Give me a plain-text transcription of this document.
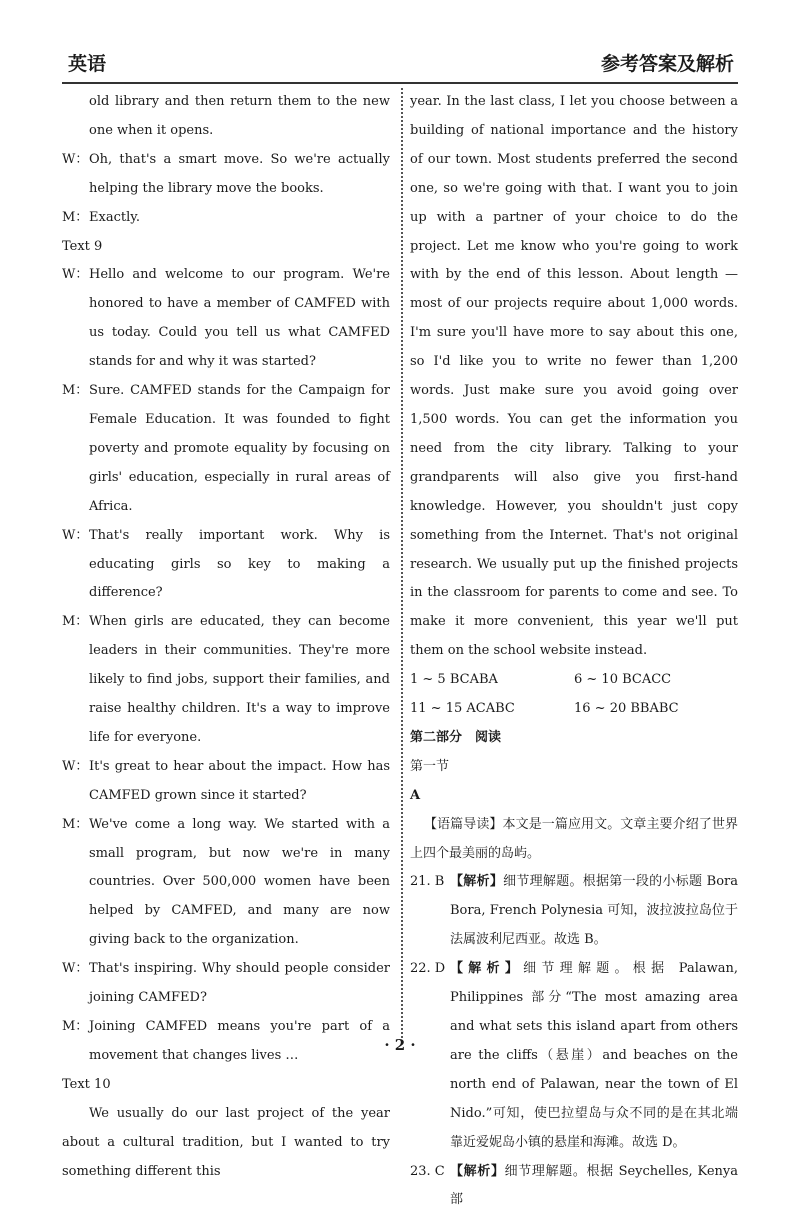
英语	参考答案及解析

old library and then return them to the new one when it opens.

W： Oh, that's a smart move. So we're actually helping the library move the books.
M： Exactly.

Text 9

W： Hello and welcome to our program. We're honored to have a member of CAMFED with us today. Could you tell us what CAMFED stands for and why it was started?
M： Sure. CAMFED stands for the Campaign for Female Education. It was founded to fight poverty and promote equality by focusing on girls' education, especially in rural areas of Africa.
W： That's really important work. Why is educating girls so key to making a difference?
M： When girls are educated, they can become leaders in their communities. They're more likely to find jobs, support their families, and raise healthy children. It's a way to improve life for everyone.
W： It's great to hear about the impact. How has CAMFED grown since it started?
M： We've come a long way. We started with a small program, but now we're in many countries. Over 500,000 women have been helped by CAMFED, and many are now giving back to the organization.
W： That's inspiring. Why should people consider joining CAMFED?
M： Joining CAMFED means you're part of a movement that changes lives …

Text 10

We usually do our last project of the year about a cultural tradition, but I wanted to try something different this

year. In the last class, I let you choose between a building of national importance and the history of our town. Most students preferred the second one, so we're going with that. I want you to join up with a partner of your choice to do the project. Let me know who you're going to work with by the end of this lesson. About length — most of our projects require about 1,000 words. I'm sure you'll have more to say about this one, so I'd like you to write no fewer than 1,200 words. Just make sure you avoid going over 1,500 words. You can get the information you need from the city library. Talking to your grandparents will also give you first-hand knowledge. However, you shouldn't just copy something from the Internet. That's not original research. We usually put up the finished projects in the classroom for parents to come and see. To make it more convenient, this year we'll put them on the school website instead.

1 ~ 5 BCABA	6 ~ 10 BCACC
11 ~ 15 ACABC	16 ~ 20 BBABC

第二部分　阅读

第一节

A

【语篇导读】本文是一篇应用文。文章主要介绍了世界上四个最美丽的岛屿。

21. B 【解析】细节理解题。根据第一段的小标题 Bora Bora, French Polynesia 可知，波拉波拉岛位于法属波利尼西亚。故选 B。
22. D 【解析】细节理解题。根据 Palawan, Philippines 部分“The most amazing area and what sets this island apart from others are the cliffs（悬崖）and beaches on the north end of Palawan, near the town of El Nido.”可知，使巴拉望岛与众不同的是在其北端靠近爱妮岛小镇的悬崖和海滩。故选 D。
23. C 【解析】细节理解题。根据 Seychelles, Kenya 部
· 2 ·
